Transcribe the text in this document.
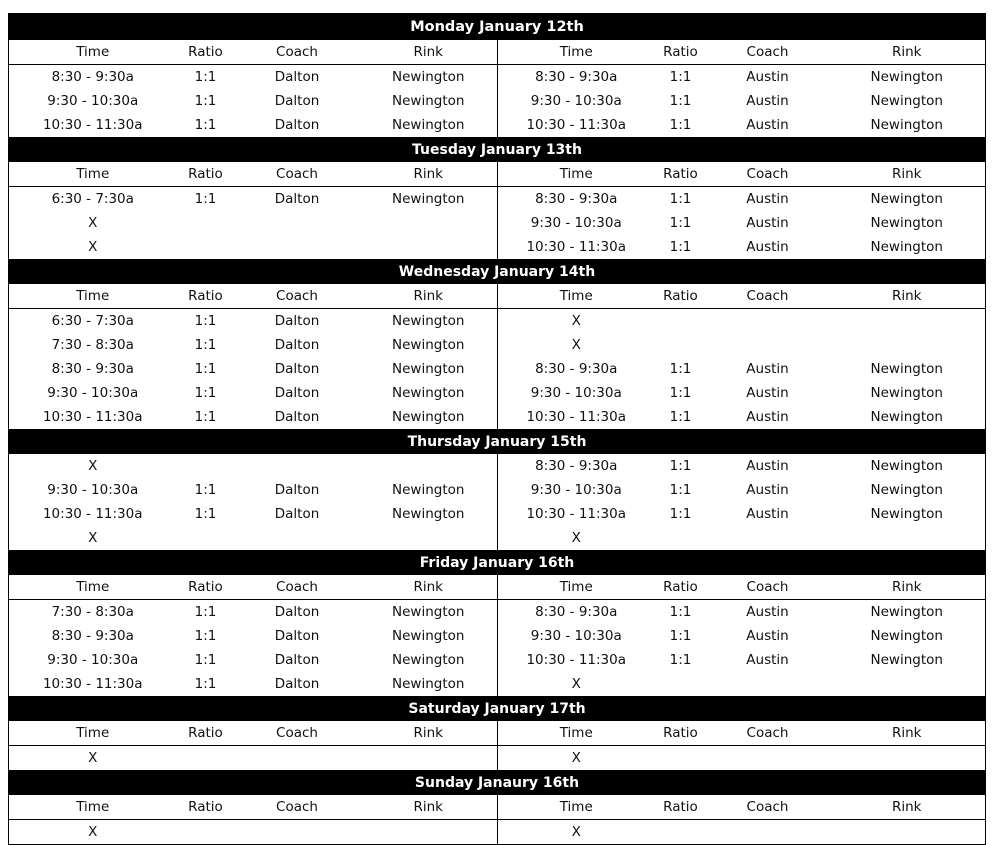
Monday January 12th							
Time	Ratio	Coach	Rink	Time	Ratio	Coach	Rink
8:30 - 9:30a	1:1	Dalton	Newington	8:30 - 9:30a	1:1	Austin	Newington
9:30 - 10:30a	1:1	Dalton	Newington	9:30 - 10:30a	1:1	Austin	Newington
10:30 - 11:30a	1:1	Dalton	Newington	10:30 - 11:30a	1:1	Austin	Newington
Tuesday January 13th							
Time	Ratio	Coach	Rink	Time	Ratio	Coach	Rink
6:30 - 7:30a	1:1	Dalton	Newington	8:30 - 9:30a	1:1	Austin	Newington
X				9:30 - 10:30a	1:1	Austin	Newington
X				10:30 - 11:30a	1:1	Austin	Newington
Wednesday January 14th							
Time	Ratio	Coach	Rink	Time	Ratio	Coach	Rink
6:30 - 7:30a	1:1	Dalton	Newington	X			
7:30 - 8:30a	1:1	Dalton	Newington	X			
8:30 - 9:30a	1:1	Dalton	Newington	8:30 - 9:30a	1:1	Austin	Newington
9:30 - 10:30a	1:1	Dalton	Newington	9:30 - 10:30a	1:1	Austin	Newington
10:30 - 11:30a	1:1	Dalton	Newington	10:30 - 11:30a	1:1	Austin	Newington
Thursday January 15th							
X				8:30 - 9:30a	1:1	Austin	Newington
9:30 - 10:30a	1:1	Dalton	Newington	9:30 - 10:30a	1:1	Austin	Newington
10:30 - 11:30a	1:1	Dalton	Newington	10:30 - 11:30a	1:1	Austin	Newington
X				X			
Friday January 16th							
Time	Ratio	Coach	Rink	Time	Ratio	Coach	Rink
7:30 - 8:30a	1:1	Dalton	Newington	8:30 - 9:30a	1:1	Austin	Newington
8:30 - 9:30a	1:1	Dalton	Newington	9:30 - 10:30a	1:1	Austin	Newington
9:30 - 10:30a	1:1	Dalton	Newington	10:30 - 11:30a	1:1	Austin	Newington
10:30 - 11:30a	1:1	Dalton	Newington	X			
Saturday January 17th							
Time	Ratio	Coach	Rink	Time	Ratio	Coach	Rink
X				X			
Sunday Janaury 16th							
Time	Ratio	Coach	Rink	Time	Ratio	Coach	Rink
X				X			
